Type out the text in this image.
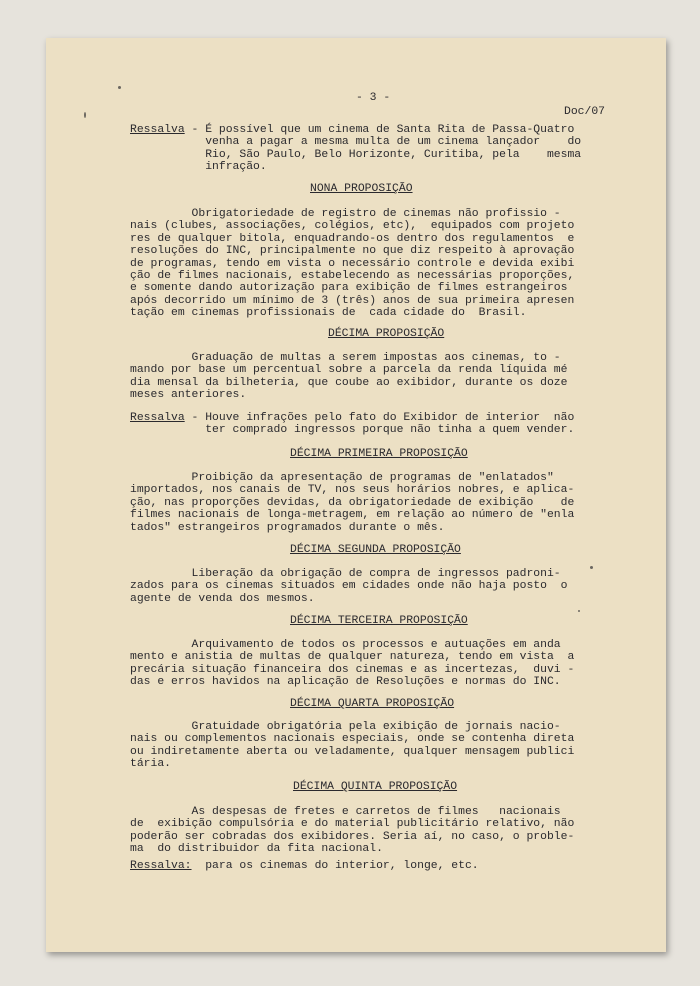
- 3 -

Doc/07

Ressalva - É possível que um cinema de Santa Rita de Passa-Quatro
venha a pagar a mesma multa de um cinema lançador    do
Rio, São Paulo, Belo Horizonte, Curitiba, pela    mesma
infração.

NONA PROPOSIÇÃO

Obrigatoriedade de registro de cinemas não profissio -
nais (clubes, associações, colégios, etc),  equipados com projeto
res de qualquer bitola, enquadrando-os dentro dos regulamentos  e
resoluções do INC, principalmente no que diz respeito à aprovação
de programas, tendo em vista o necessário controle e devida exibi
ção de filmes nacionais, estabelecendo as necessárias proporções,
e somente dando autorização para exibição de filmes estrangeiros
após decorrido um mínimo de 3 (três) anos de sua primeira apresen
tação em cinemas profissionais de  cada cidade do  Brasil.

DÉCIMA PROPOSIÇÃO

Graduação de multas a serem impostas aos cinemas, to -
mando por base um percentual sobre a parcela da renda líquida mé
dia mensal da bilheteria, que coube ao exibidor, durante os doze
meses anteriores.

Ressalva - Houve infrações pelo fato do Exibidor de interior  não
ter comprado ingressos porque não tinha a quem vender.

DÉCIMA PRIMEIRA PROPOSIÇÃO

Proibição da apresentação de programas de "enlatados"
importados, nos canais de TV, nos seus horários nobres, e aplica-
ção, nas proporções devidas, da obrigatoriedade de exibição    de
filmes nacionais de longa-metragem, em relação ao número de "enla
tados" estrangeiros programados durante o mês.

DÉCIMA SEGUNDA PROPOSIÇÃO

Liberação da obrigação de compra de ingressos padroni-
zados para os cinemas situados em cidades onde não haja posto  o
agente de venda dos mesmos.

DÉCIMA TERCEIRA PROPOSIÇÃO

Arquivamento de todos os processos e autuações em anda
mento e anistia de multas de qualquer natureza, tendo em vista  a
precária situação financeira dos cinemas e as incertezas,  duvi -
das e erros havidos na aplicação de Resoluções e normas do INC.

DÉCIMA QUARTA PROPOSIÇÃO

Gratuidade obrigatória pela exibição de jornais nacio-
nais ou complementos nacionais especiais, onde se contenha direta
ou indiretamente aberta ou veladamente, qualquer mensagem publici
tária.

DÉCIMA QUINTA PROPOSIÇÃO

As despesas de fretes e carretos de filmes   nacionais
de  exibição compulsória e do material publicitário relativo, não
poderão ser cobradas dos exibidores. Seria aí, no caso, o proble-
ma  do distribuidor da fita nacional.

Ressalva:  para os cinemas do interior, longe, etc.
